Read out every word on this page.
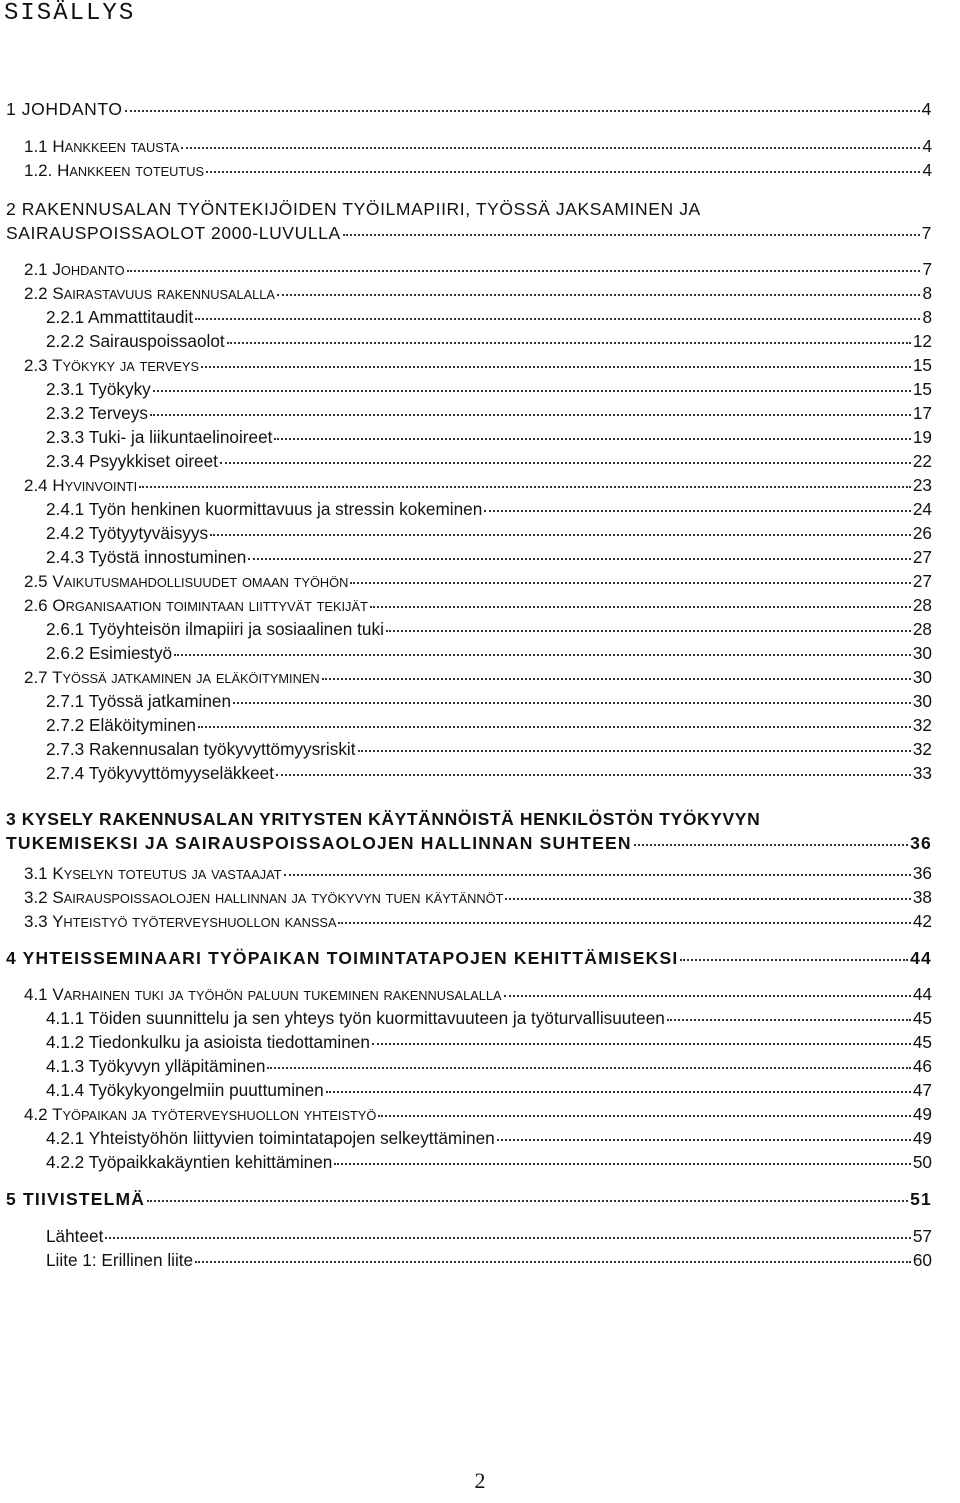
SISÄLLYS
1 JOHDANTO	4
1.1 HANKKEEN TAUSTA	4
1.2. HANKKEEN TOTEUTUS	4
2 RAKENNUSALAN TYÖNTEKIJÖIDEN TYÖILMAPIIRI, TYÖSSÄ JAKSAMINEN JA
SAIRAUSPOISSAOLOT 2000-LUVULLA	7
2.1 JOHDANTO	7
2.2 SAIRASTAVUUS RAKENNUSALALLA	8
2.2.1 Ammattitaudit	8
2.2.2 Sairauspoissaolot	12
2.3 TYÖKYKY JA TERVEYS	15
2.3.1 Työkyky	15
2.3.2 Terveys	17
2.3.3 Tuki- ja liikuntaelinoireet	19
2.3.4 Psyykkiset oireet	22
2.4 HYVINVOINTI	23
2.4.1 Työn henkinen kuormittavuus ja stressin kokeminen	24
2.4.2 Työtyytyväisyys	26
2.4.3 Työstä innostuminen	27
2.5 VAIKUTUSMAHDOLLISUUDET OMAAN TYÖHÖN	27
2.6 ORGANISAATION TOIMINTAAN LIITTYVÄT TEKIJÄT	28
2.6.1 Työyhteisön ilmapiiri ja sosiaalinen tuki	28
2.6.2 Esimiestyö	30
2.7 TYÖSSÄ JATKAMINEN JA ELÄKÖITYMINEN	30
2.7.1 Työssä jatkaminen	30
2.7.2 Eläköityminen	32
2.7.3 Rakennusalan työkyvyttömyysriskit	32
2.7.4 Työkyvyttömyyseläkkeet	33
3 KYSELY RAKENNUSALAN YRITYSTEN KÄYTÄNNÖISTÄ HENKILÖSTÖN TYÖKYVYN
TUKEMISEKSI JA SAIRAUSPOISSAOLOJEN HALLINNAN SUHTEEN	36
3.1 KYSELYN TOTEUTUS JA VASTAAJAT	36
3.2 SAIRAUSPOISSAOLOJEN HALLINNAN JA TYÖKYVYN TUEN KÄYTÄNNÖT	38
3.3 YHTEISTYÖ TYÖTERVEYSHUOLLON KANSSA	42
4 YHTEISSEMINAARI TYÖPAIKAN TOIMINTATAPOJEN KEHITTÄMISEKSI	44
4.1 VARHAINEN TUKI JA TYÖHÖN PALUUN TUKEMINEN RAKENNUSALALLA	44
4.1.1 Töiden suunnittelu ja sen yhteys työn kuormittavuuteen ja työturvallisuuteen	45
4.1.2 Tiedonkulku ja asioista tiedottaminen	45
4.1.3 Työkyvyn ylläpitäminen	46
4.1.4 Työkykyongelmiin puuttuminen	47
4.2 TYÖPAIKAN JA TYÖTERVEYSHUOLLON YHTEISTYÖ	49
4.2.1 Yhteistyöhön liittyvien toimintatapojen selkeyttäminen	49
4.2.2 Työpaikkakäyntien kehittäminen	50
5 TIIVISTELMÄ	51
Lähteet	57
Liite 1: Erillinen liite	60
2
